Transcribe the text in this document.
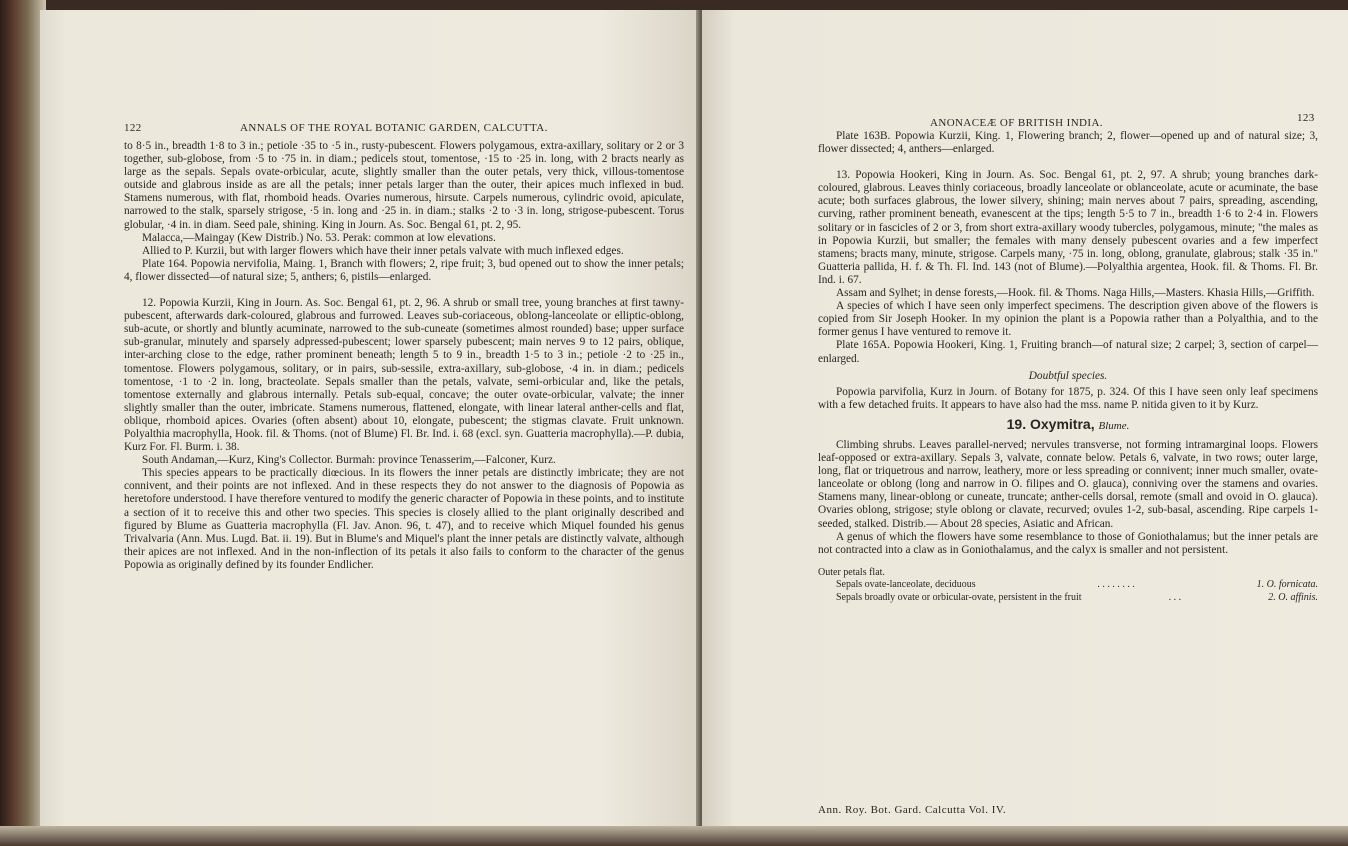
122	ANNALS OF THE ROYAL BOTANIC GARDEN, CALCUTTA.

to 8·5 in., breadth 1·8 to 3 in.; petiole ·35 to ·5 in., rusty-pubescent. Flowers polygamous, extra-axillary, solitary or 2 or 3 together, sub-globose, from ·5 to ·75 in. in diam.; pedicels stout, tomentose, ·15 to ·25 in. long, with 2 bracts nearly as large as the sepals. Sepals ovate-orbicular, acute, slightly smaller than the outer petals, very thick, villous-tomentose outside and glabrous inside as are all the petals; inner petals larger than the outer, their apices much inflexed in bud. Stamens numerous, with flat, rhomboid heads. Ovaries numerous, hirsute. Carpels numerous, cylindric ovoid, apiculate, narrowed to the stalk, sparsely strigose, ·5 in. long and ·25 in. in diam.; stalks ·2 to ·3 in. long, strigose-pubescent. Torus globular, ·4 in. in diam. Seed pale, shining. King in Journ. As. Soc. Bengal 61, pt. 2, 95.

Malacca,—Maingay (Kew Distrib.) No. 53. Perak: common at low elevations.

Allied to P. Kurzii, but with larger flowers which have their inner petals valvate with much inflexed edges.

Plate 164. Popowia nervifolia, Maing. 1, Branch with flowers; 2, ripe fruit; 3, bud opened out to show the inner petals; 4, flower dissected—of natural size; 5, anthers; 6, pistils—enlarged.

12. Popowia Kurzii, King in Journ. As. Soc. Bengal 61, pt. 2, 96. A shrub or small tree, young branches at first tawny-pubescent, afterwards dark-coloured, glabrous and furrowed. Leaves sub-coriaceous, oblong-lanceolate or elliptic-oblong, sub-acute, or shortly and bluntly acuminate, narrowed to the sub-cuneate (sometimes almost rounded) base; upper surface sub-granular, minutely and sparsely adpressed-pubescent; lower sparsely pubescent; main nerves 9 to 12 pairs, oblique, inter-arching close to the edge, rather prominent beneath; length 5 to 9 in., breadth 1·5 to 3 in.; petiole ·2 to ·25 in., tomentose. Flowers polygamous, solitary, or in pairs, sub-sessile, extra-axillary, sub-globose, ·4 in. in diam.; pedicels tomentose, ·1 to ·2 in. long, bracteolate. Sepals smaller than the petals, valvate, semi-orbicular and, like the petals, tomentose externally and glabrous internally. Petals sub-equal, concave; the outer ovate-orbicular, valvate; the inner slightly smaller than the outer, imbricate. Stamens numerous, flattened, elongate, with linear lateral anther-cells and flat, oblique, rhomboid apices. Ovaries (often absent) about 10, elongate, pubescent; the stigmas clavate. Fruit unknown. Polyalthia macrophylla, Hook. fil. & Thoms. (not of Blume) Fl. Br. Ind. i. 68 (excl. syn. Guatteria macrophylla).—P. dubia, Kurz For. Fl. Burm. i. 38.

South Andaman,—Kurz, King's Collector. Burmah: province Tenasserim,—Falconer, Kurz.

This species appears to be practically diœcious. In its flowers the inner petals are distinctly imbricate; they are not connivent, and their points are not inflexed. And in these respects they do not answer to the diagnosis of Popowia as heretofore understood. I have therefore ventured to modify the generic character of Popowia in these points, and to institute a section of it to receive this and other two species. This species is closely allied to the plant originally described and figured by Blume as Guatteria macrophylla (Fl. Jav. Anon. 96, t. 47), and to receive which Miquel founded his genus Trivalvaria (Ann. Mus. Lugd. Bat. ii. 19). But in Blume's and Miquel's plant the inner petals are distinctly valvate, although their apices are not inflexed. And in the non-inflection of its petals it also fails to conform to the character of the genus Popowia as originally defined by its founder Endlicher.

ANONACEÆ OF BRITISH INDIA.	123

Plate 163B. Popowia Kurzii, King. 1, Flowering branch; 2, flower—opened up and of natural size; 3, flower dissected; 4, anthers—enlarged.

13. Popowia Hookeri, King in Journ. As. Soc. Bengal 61, pt. 2, 97. A shrub; young branches dark-coloured, glabrous. Leaves thinly coriaceous, broadly lanceolate or oblanceolate, acute or acuminate, the base acute; both surfaces glabrous, the lower silvery, shining; main nerves about 7 pairs, spreading, ascending, curving, rather prominent beneath, evanescent at the tips; length 5·5 to 7 in., breadth 1·6 to 2·4 in. Flowers solitary or in fascicles of 2 or 3, from short extra-axillary woody tubercles, polygamous, minute; "the males as in Popowia Kurzii, but smaller; the females with many densely pubescent ovaries and a few imperfect stamens; bracts many, minute, strigose. Carpels many, ·75 in. long, oblong, granulate, glabrous; stalk ·35 in." Guatteria pallida, H. f. & Th. Fl. Ind. 143 (not of Blume).—Polyalthia argentea, Hook. fil. & Thoms. Fl. Br. Ind. i. 67.

Assam and Sylhet; in dense forests,—Hook. fil. & Thoms. Naga Hills,—Masters. Khasia Hills,—Griffith.

A species of which I have seen only imperfect specimens. The description given above of the flowers is copied from Sir Joseph Hooker. In my opinion the plant is a Popowia rather than a Polyalthia, and to the former genus I have ventured to remove it.

Plate 165A. Popowia Hookeri, King. 1, Fruiting branch—of natural size; 2 carpel; 3, section of carpel—enlarged.

Doubtful species.

Popowia parvifolia, Kurz in Journ. of Botany for 1875, p. 324. Of this I have seen only leaf specimens with a few detached fruits. It appears to have also had the mss. name P. nitida given to it by Kurz.

19. Oxymitra, Blume.

Climbing shrubs. Leaves parallel-nerved; nervules transverse, not forming intramarginal loops. Flowers leaf-opposed or extra-axillary. Sepals 3, valvate, connate below. Petals 6, valvate, in two rows; outer large, long, flat or triquetrous and narrow, leathery, more or less spreading or connivent; inner much smaller, ovate-lanceolate or oblong (long and narrow in O. filipes and O. glauca), conniving over the stamens and ovaries. Stamens many, linear-oblong or cuneate, truncate; anther-cells dorsal, remote (small and ovoid in O. glauca). Ovaries oblong, strigose; style oblong or clavate, recurved; ovules 1-2, sub-basal, ascending. Ripe carpels 1-seeded, stalked. Distrib.— About 28 species, Asiatic and African.

A genus of which the flowers have some resemblance to those of Goniothalamus; but the inner petals are not contracted into a claw as in Goniothalamus, and the calyx is smaller and not persistent.

Outer petals flat.
Sepals ovate-lanceolate, deciduous	. . . . . . . .	1. O. fornicata.
Sepals broadly ovate or orbicular-ovate, persistent in the fruit	. . .	2. O. affinis.
Ann. Roy. Bot. Gard. Calcutta Vol. IV.
